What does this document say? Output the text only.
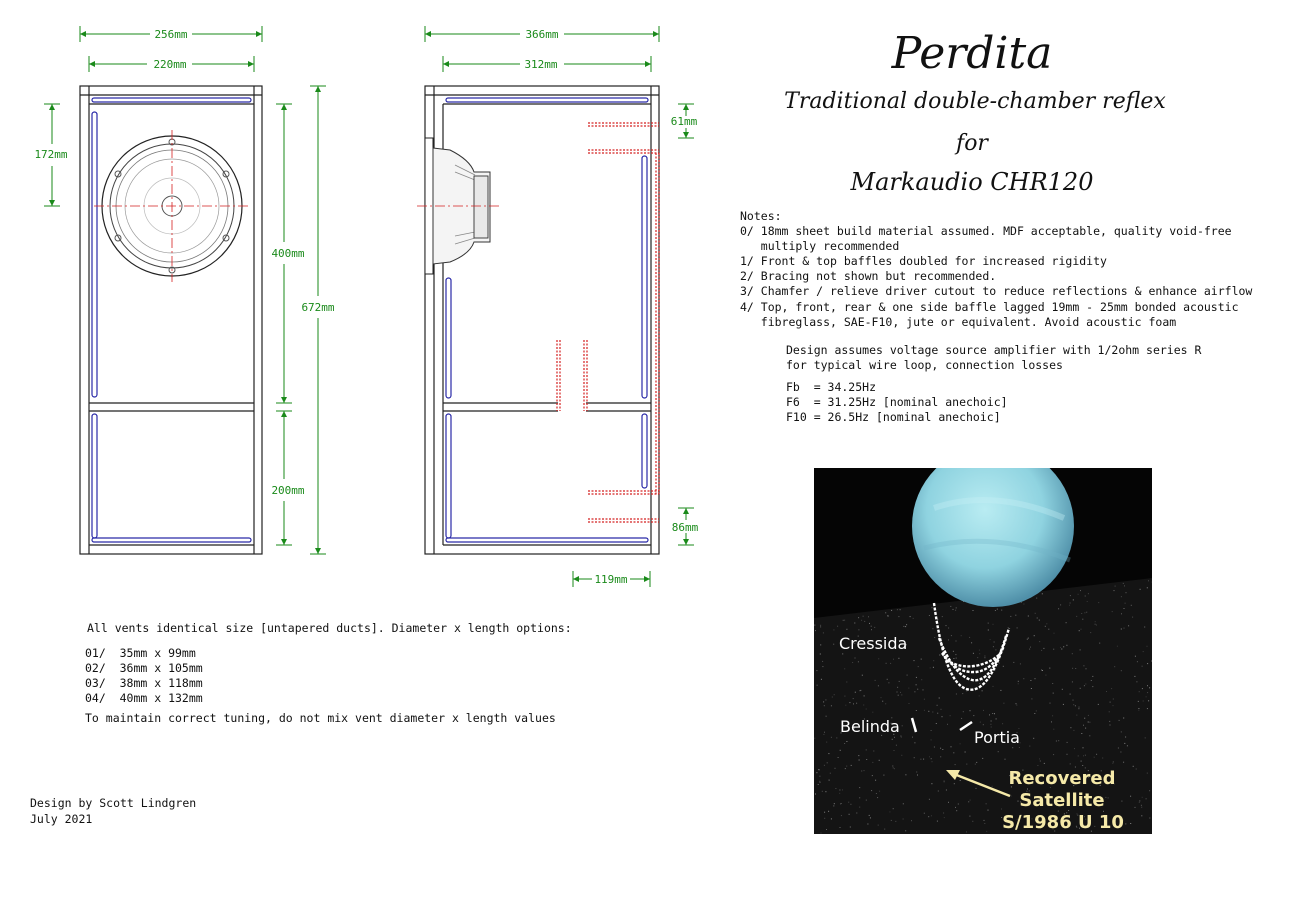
256mm
220mm
172mm
400mm
200mm
672mm
366mm
312mm
61mm
86mm
119mm
Perdita
Traditional double-chamber reflex
for
Markaudio CHR120
Notes:
0/ 18mm sheet build material assumed. MDF acceptable, quality void-free
multiply recommended
1/ Front & top baffles doubled for increased rigidity
2/ Bracing not shown but recommended.
3/ Chamfer / relieve driver cutout to reduce reflections & enhance airflow
4/ Top, front, rear & one side baffle lagged 19mm - 25mm bonded acoustic
fibreglass, SAE-F10, jute or equivalent. Avoid acoustic foam
Design assumes voltage source amplifier with 1/2ohm series R
for typical wire loop, connection losses
Fb  = 34.25Hz
F6  = 31.25Hz [nominal anechoic]
F10 = 26.5Hz [nominal anechoic]
All vents identical size [untapered ducts]. Diameter x length options:
01/  35mm x 99mm
02/  36mm x 105mm
03/  38mm x 118mm
04/  40mm x 132mm
To maintain correct tuning, do not mix vent diameter x length values
Design by Scott Lindgren
July 2021
Cressida
Belinda
Portia
Recovered
Satellite
S/1986 U 10
